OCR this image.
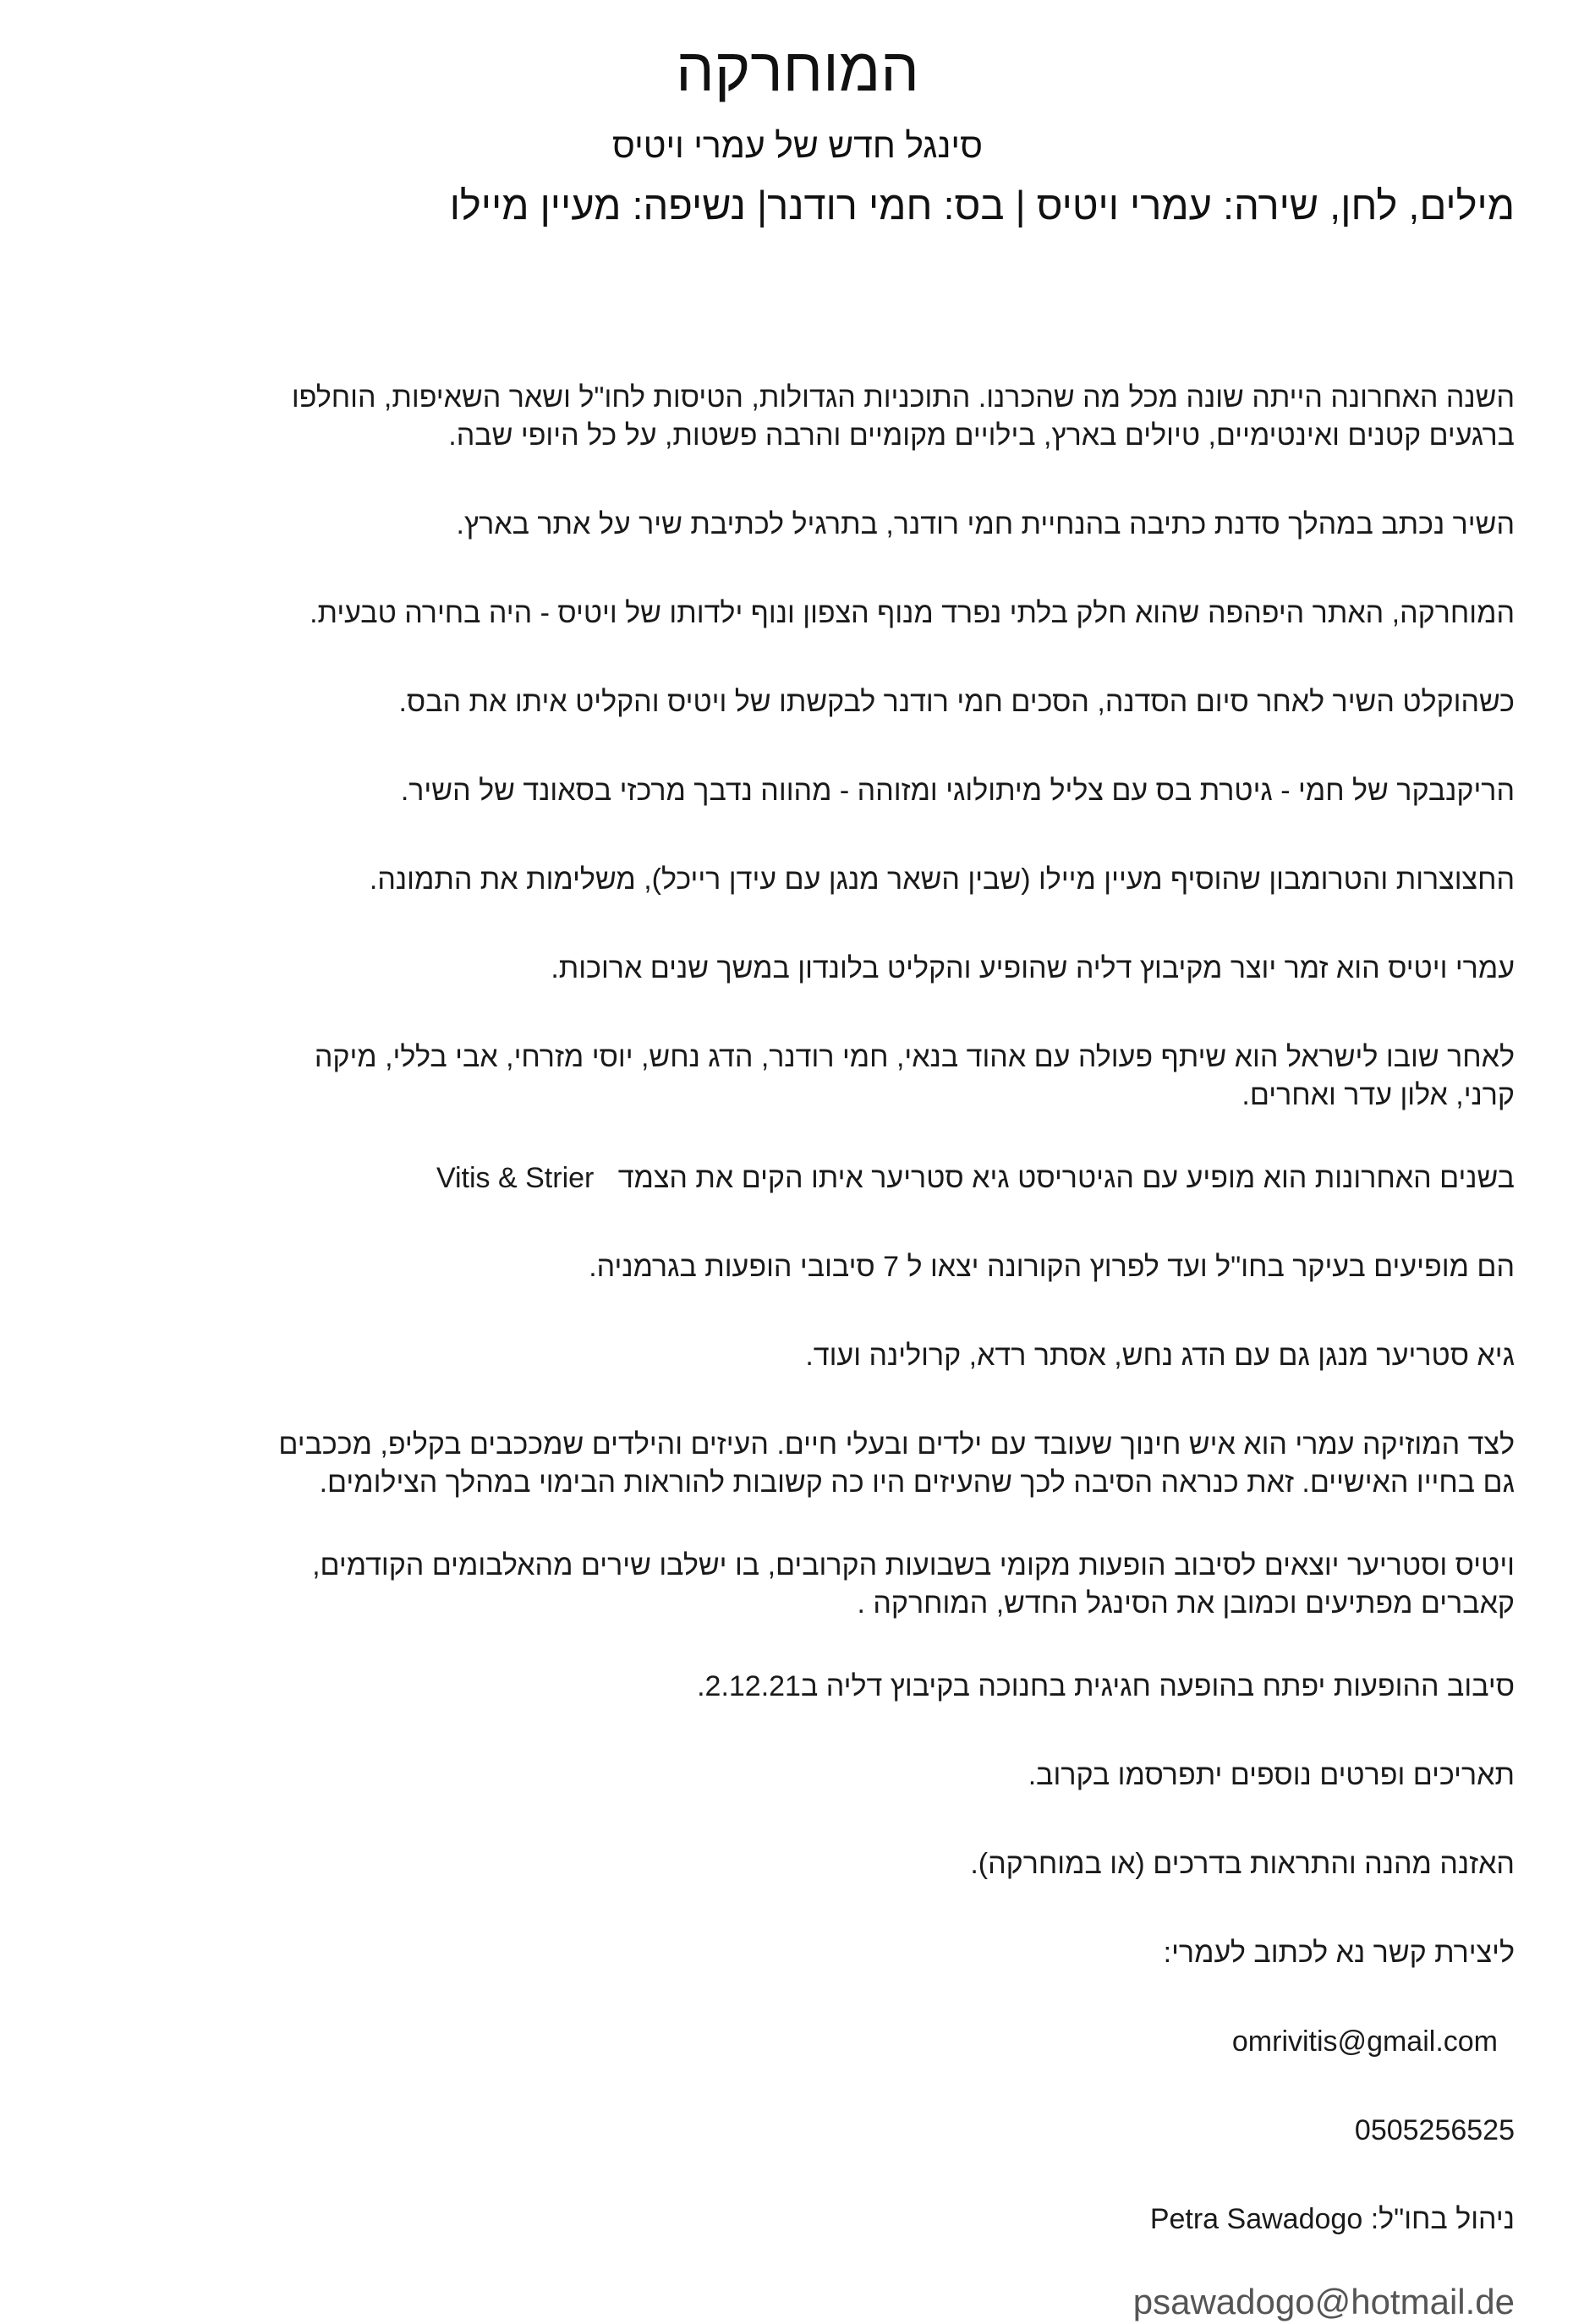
המוחרקה
סינגל חדש של עמרי ויטיס
מילים, לחן, שירה: עמרי ויטיס | בס: חמי רודנר| נשיפה: מעיין מיילו

השנה האחרונה הייתה שונה מכל מה שהכרנו. התוכניות הגדולות, הטיסות לחו"ל ושאר השאיפות, הוחלפו

ברגעים קטנים ואינטימיים, טיולים בארץ, בילויים מקומיים והרבה פשטות, על כל היופי שבה.

השיר נכתב במהלך סדנת כתיבה בהנחיית חמי רודנר, בתרגיל לכתיבת שיר על אתר בארץ.

המוחרקה, האתר היפהפה שהוא חלק בלתי נפרד מנוף הצפון ונוף ילדותו של ויטיס - היה בחירה טבעית.

כשהוקלט השיר לאחר סיום הסדנה, הסכים חמי רודנר לבקשתו של ויטיס והקליט איתו את הבס.

הריקנבקר של חמי - גיטרת בס עם צליל מיתולוגי ומזוהה - מהווה נדבך מרכזי בסאונד של השיר.

החצוצרות והטרומבון שהוסיף מעיין מיילו (שבין השאר מנגן עם עידן רייכל), משלימות את התמונה.

עמרי ויטיס הוא זמר יוצר מקיבוץ דליה שהופיע והקליט בלונדון במשך שנים ארוכות.

לאחר שובו לישראל הוא שיתף פעולה עם אהוד בנאי, חמי רודנר, הדג נחש, יוסי מזרחי, אבי בללי, מיקה

קרני, אלון עדר ואחרים.

בשנים האחרונות הוא מופיע עם הגיטריסט גיא סטריער איתו הקים את הצמד   Vitis & Strier

הם מופיעים בעיקר בחו"ל ועד לפרוץ הקורונה יצאו ל 7 סיבובי הופעות בגרמניה.

גיא סטריער מנגן גם עם הדג נחש, אסתר רדא, קרולינה ועוד.

לצד המוזיקה עמרי הוא איש חינוך שעובד עם ילדים ובעלי חיים. העיזים והילדים שמככבים בקליפ, מככבים

גם בחייו האישיים. זאת כנראה הסיבה לכך שהעיזים היו כה קשובות להוראות הבימוי במהלך הצילומים.

ויטיס וסטריער יוצאים לסיבוב הופעות מקומי בשבועות הקרובים, בו ישלבו שירים מהאלבומים הקודמים,

קאברים מפתיעים וכמובן את הסינגל החדש, המוחרקה .

סיבוב ההופעות יפתח בהופעה חגיגית בחנוכה בקיבוץ דליה ב2.12.21.

תאריכים ופרטים נוספים יתפרסמו בקרוב.

האזנה מהנה והתראות בדרכים (או במוחרקה).

ליצירת קשר נא לכתוב לעמרי:

omrivitis@gmail.com

0505256525

ניהול בחו"ל: Petra Sawadogo

psawadogo@hotmail.de
